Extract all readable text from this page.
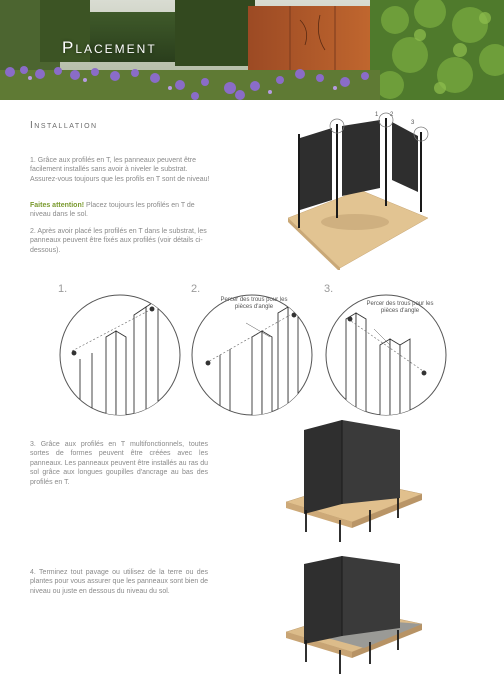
Placement
Installation

1. Grâce aux profilés en T, les panneaux peuvent être facilement installés sans avoir à niveler le substrat. Assurez-vous toujours que les profils en T sont de niveau!

Faites attention! Placez toujours les profilés en T de niveau dans le sol.

2. Après avoir placé les profilés en T dans le substrat, les panneaux peuvent être fixés aux profilés (voir détails ci-dessous).

3. Grâce aux profilés en T multifonctionnels, toutes sortes de formes peuvent être créées avec les panneaux. Les panneaux peuvent être installés au ras du sol grâce aux longues goupilles d'ancrage au bas des profilés en T.

4. Terminez tout pavage ou utilisez de la terre ou des plantes pour vous assurer que les panneaux sont bien de niveau ou juste en dessous du niveau du sol.

1 2
3
1.	2.	3.
Percer des trous pour les pièces d'angle
Percer des trous pour les pièces d'angle
